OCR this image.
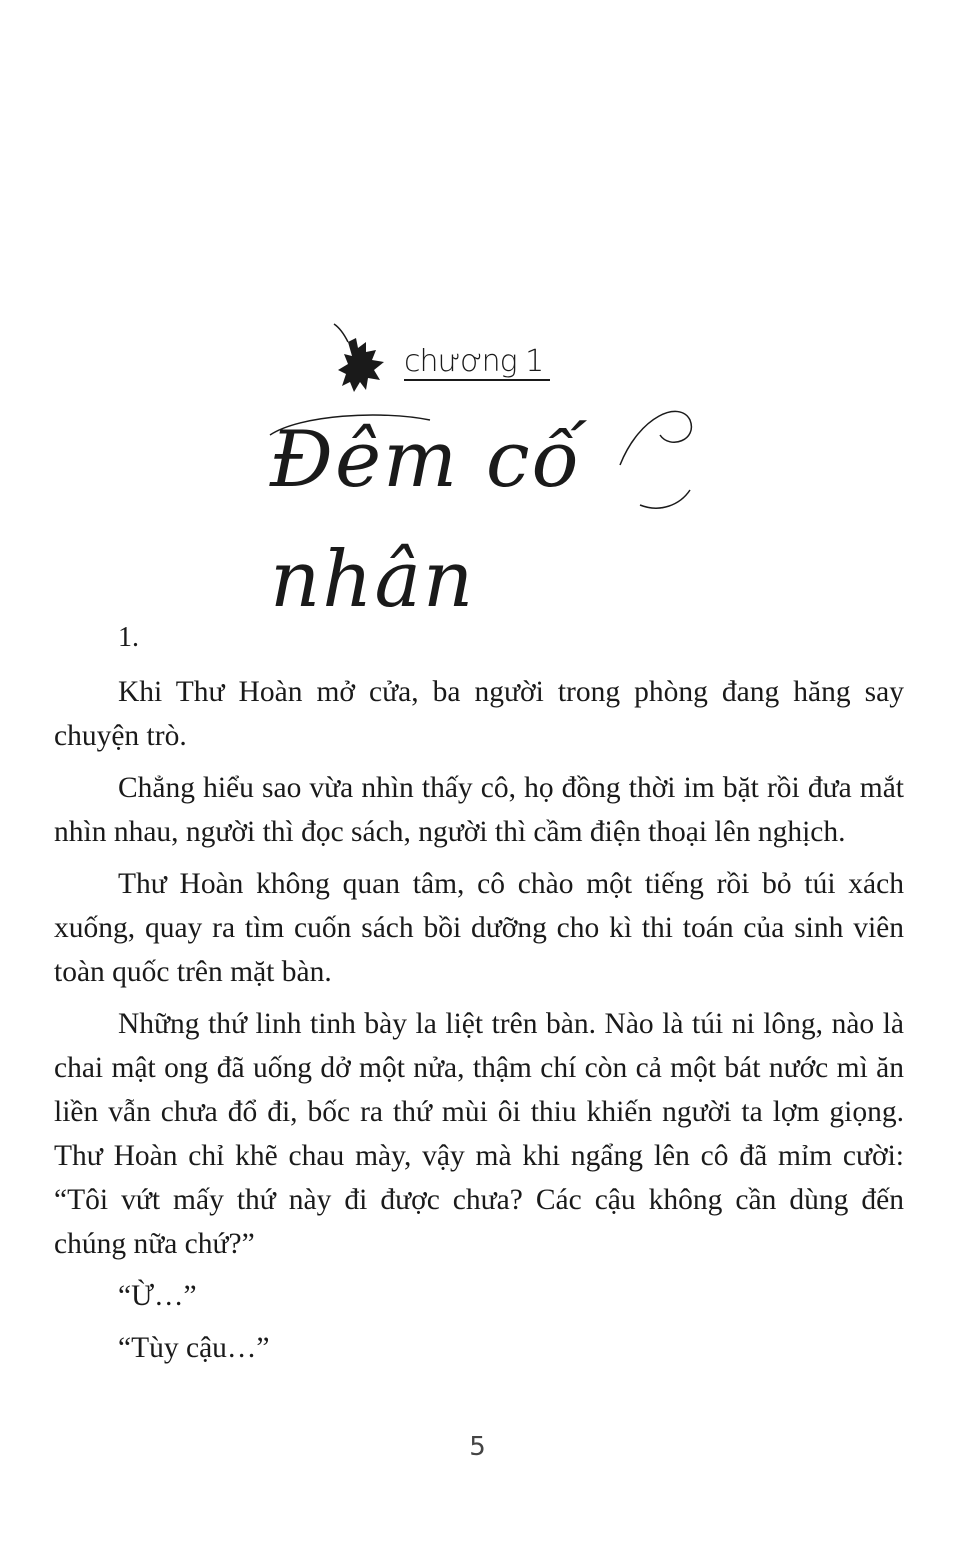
chương 1
Đêm cố nhân
1.

Khi Thư Hoàn mở cửa, ba người trong phòng đang hăng say chuyện trò.

Chẳng hiểu sao vừa nhìn thấy cô, họ đồng thời im bặt rồi đưa mắt nhìn nhau, người thì đọc sách, người thì cầm điện thoại lên nghịch.

Thư Hoàn không quan tâm, cô chào một tiếng rồi bỏ túi xách xuống, quay ra tìm cuốn sách bồi dưỡng cho kì thi toán của sinh viên toàn quốc trên mặt bàn.

Những thứ linh tinh bày la liệt trên bàn. Nào là túi ni lông, nào là chai mật ong đã uống dở một nửa, thậm chí còn cả một bát nước mì ăn liền vẫn chưa đổ đi, bốc ra thứ mùi ôi thiu khiến người ta lợm giọng. Thư Hoàn chỉ khẽ chau mày, vậy mà khi ngẩng lên cô đã mỉm cười: “Tôi vứt mấy thứ này đi được chưa? Các cậu không cần dùng đến chúng nữa chứ?”

“Ừ…”

“Tùy cậu…”

5
